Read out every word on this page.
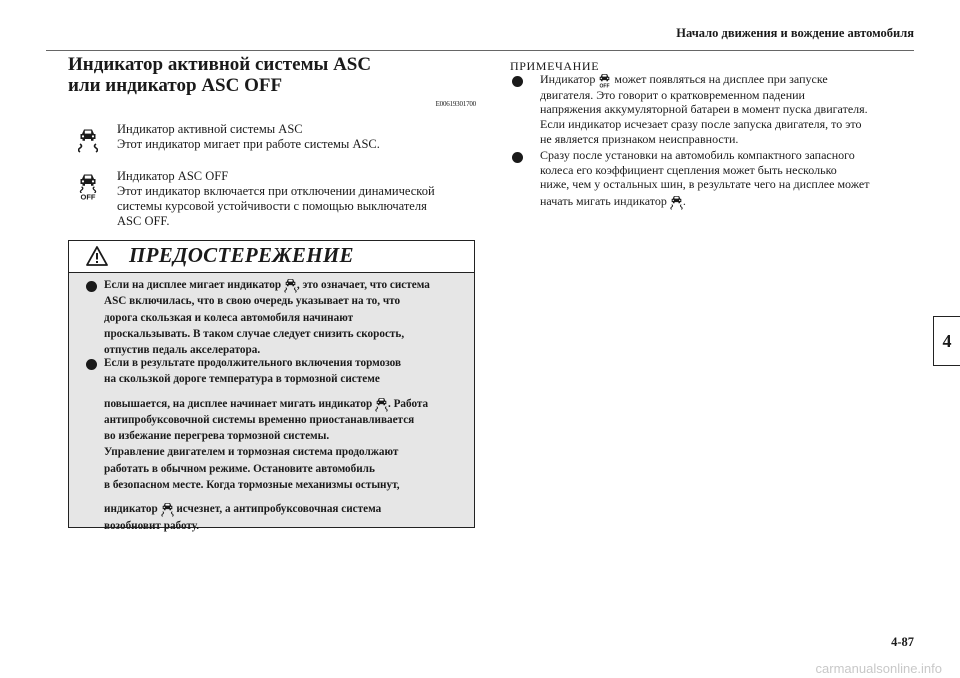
Начало движения и вождение автомобиля
Индикатор активной системы ASC
или индикатор ASC OFF
E00619301700
Индикатор активной системы ASC
Этот индикатор мигает при работе системы ASC.
OFF
Индикатор ASC OFF
Этот индикатор включается при отключении динамической
системы курсовой устойчивости с помощью выключателя
ASC OFF.
ПРЕДОСТЕРЕЖЕНИЕ
Если на дисплее мигает индикатор , это означает, что система
ASC включилась, что в свою очередь указывает на то, что
дорога скользкая и колеса автомобиля начинают
проскальзывать. В таком случае следует снизить скорость,
отпустив педаль акселератора.
Если в результате продолжительного включения тормозов
на скользкой дороге температура в тормозной системе
повышается, на дисплее начинает мигать индикатор . Работа
антипробуксовочной системы временно приостанавливается
во избежание перегрева тормозной системы.
Управление двигателем и тормозная система продолжают
работать в обычном режиме. Остановите автомобиль
в безопасном месте. Когда тормозные механизмы остынут,
индикатор исчезнет, а антипробуксовочная система
возобновит работу.
ПРИМЕЧАНИЕ
Индикатор
OFF
может появляться на дисплее при запуске
двигателя. Это говорит о кратковременном падении
напряжения аккумуляторной батареи в момент пуска двигателя.
Если индикатор исчезает сразу после запуска двигателя, то это
не является признаком неисправности.
Сразу после установки на автомобиль компактного запасного
колеса его коэффициент сцепления может быть несколько
ниже, чем у остальных шин, в результате чего на дисплее может
начать мигать индикатор .
4
4-87
carmanualsonline.info
